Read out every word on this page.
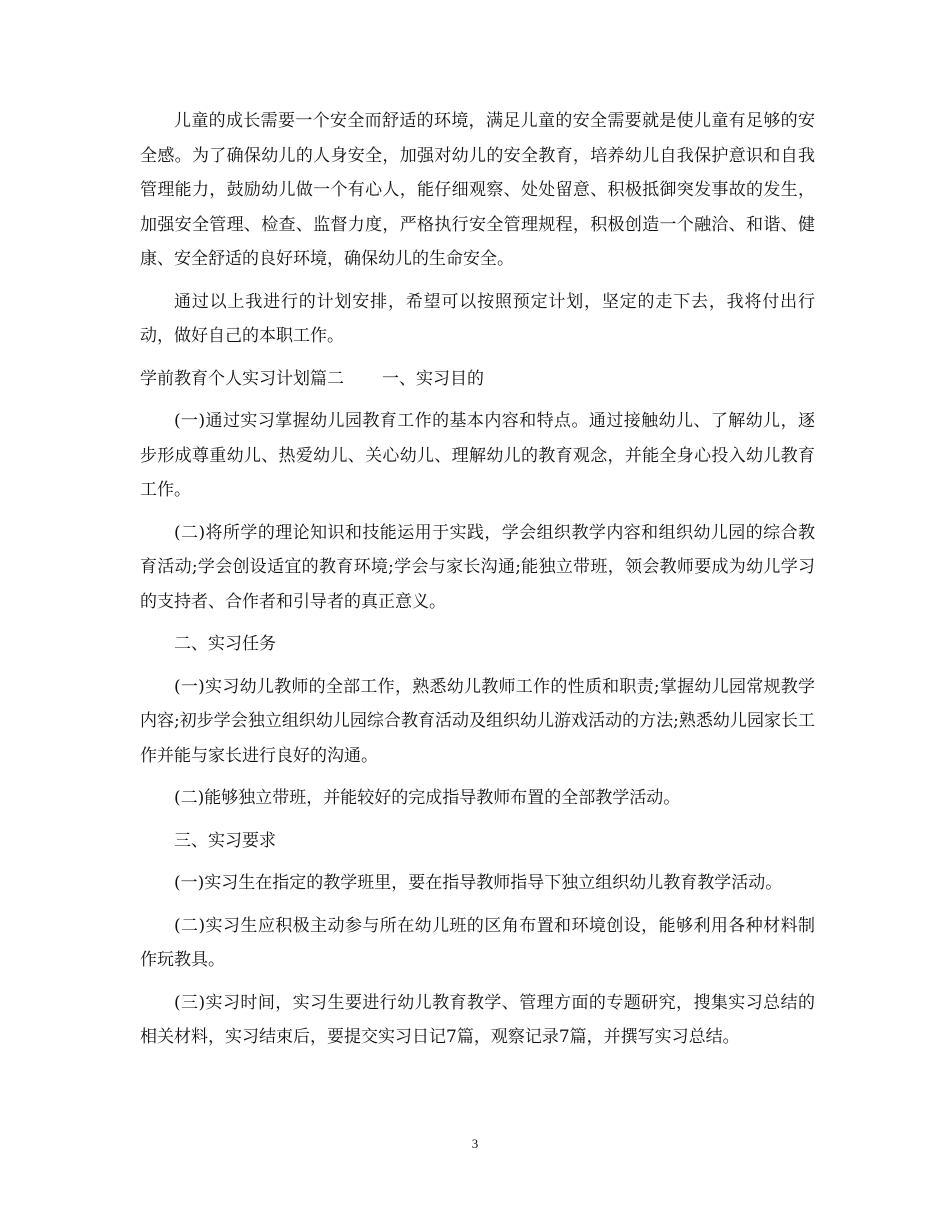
儿童的成长需要一个安全而舒适的环境，满足儿童的安全需要就是使儿童有足够的安全感。为了确保幼儿的人身安全，加强对幼儿的安全教育，培养幼儿自我保护意识和自我管理能力，鼓励幼儿做一个有心人，能仔细观察、处处留意、积极抵御突发事故的发生，加强安全管理、检查、监督力度，严格执行安全管理规程，积极创造一个融洽、和谐、健康、安全舒适的良好环境，确保幼儿的生命安全。

通过以上我进行的计划安排，希望可以按照预定计划，坚定的走下去，我将付出行动，做好自己的本职工作。

学前教育个人实习计划篇二 一、实习目的

(一)通过实习掌握幼儿园教育工作的基本内容和特点。通过接触幼儿、了解幼儿，逐步形成尊重幼儿、热爱幼儿、关心幼儿、理解幼儿的教育观念，并能全身心投入幼儿教育工作。

(二)将所学的理论知识和技能运用于实践，学会组织教学内容和组织幼儿园的综合教育活动;学会创设适宜的教育环境;学会与家长沟通;能独立带班，领会教师要成为幼儿学习的支持者、合作者和引导者的真正意义。

二、实习任务

(一)实习幼儿教师的全部工作，熟悉幼儿教师工作的性质和职责;掌握幼儿园常规教学内容;初步学会独立组织幼儿园综合教育活动及组织幼儿游戏活动的方法;熟悉幼儿园家长工作并能与家长进行良好的沟通。

(二)能够独立带班，并能较好的完成指导教师布置的全部教学活动。

三、实习要求

(一)实习生在指定的教学班里，要在指导教师指导下独立组织幼儿教育教学活动。

(二)实习生应积极主动参与所在幼儿班的区角布置和环境创设，能够利用各种材料制作玩教具。

(三)实习时间，实习生要进行幼儿教育教学、管理方面的专题研究，搜集实习总结的相关材料，实习结束后，要提交实习日记7篇，观察记录7篇，并撰写实习总结。

3
